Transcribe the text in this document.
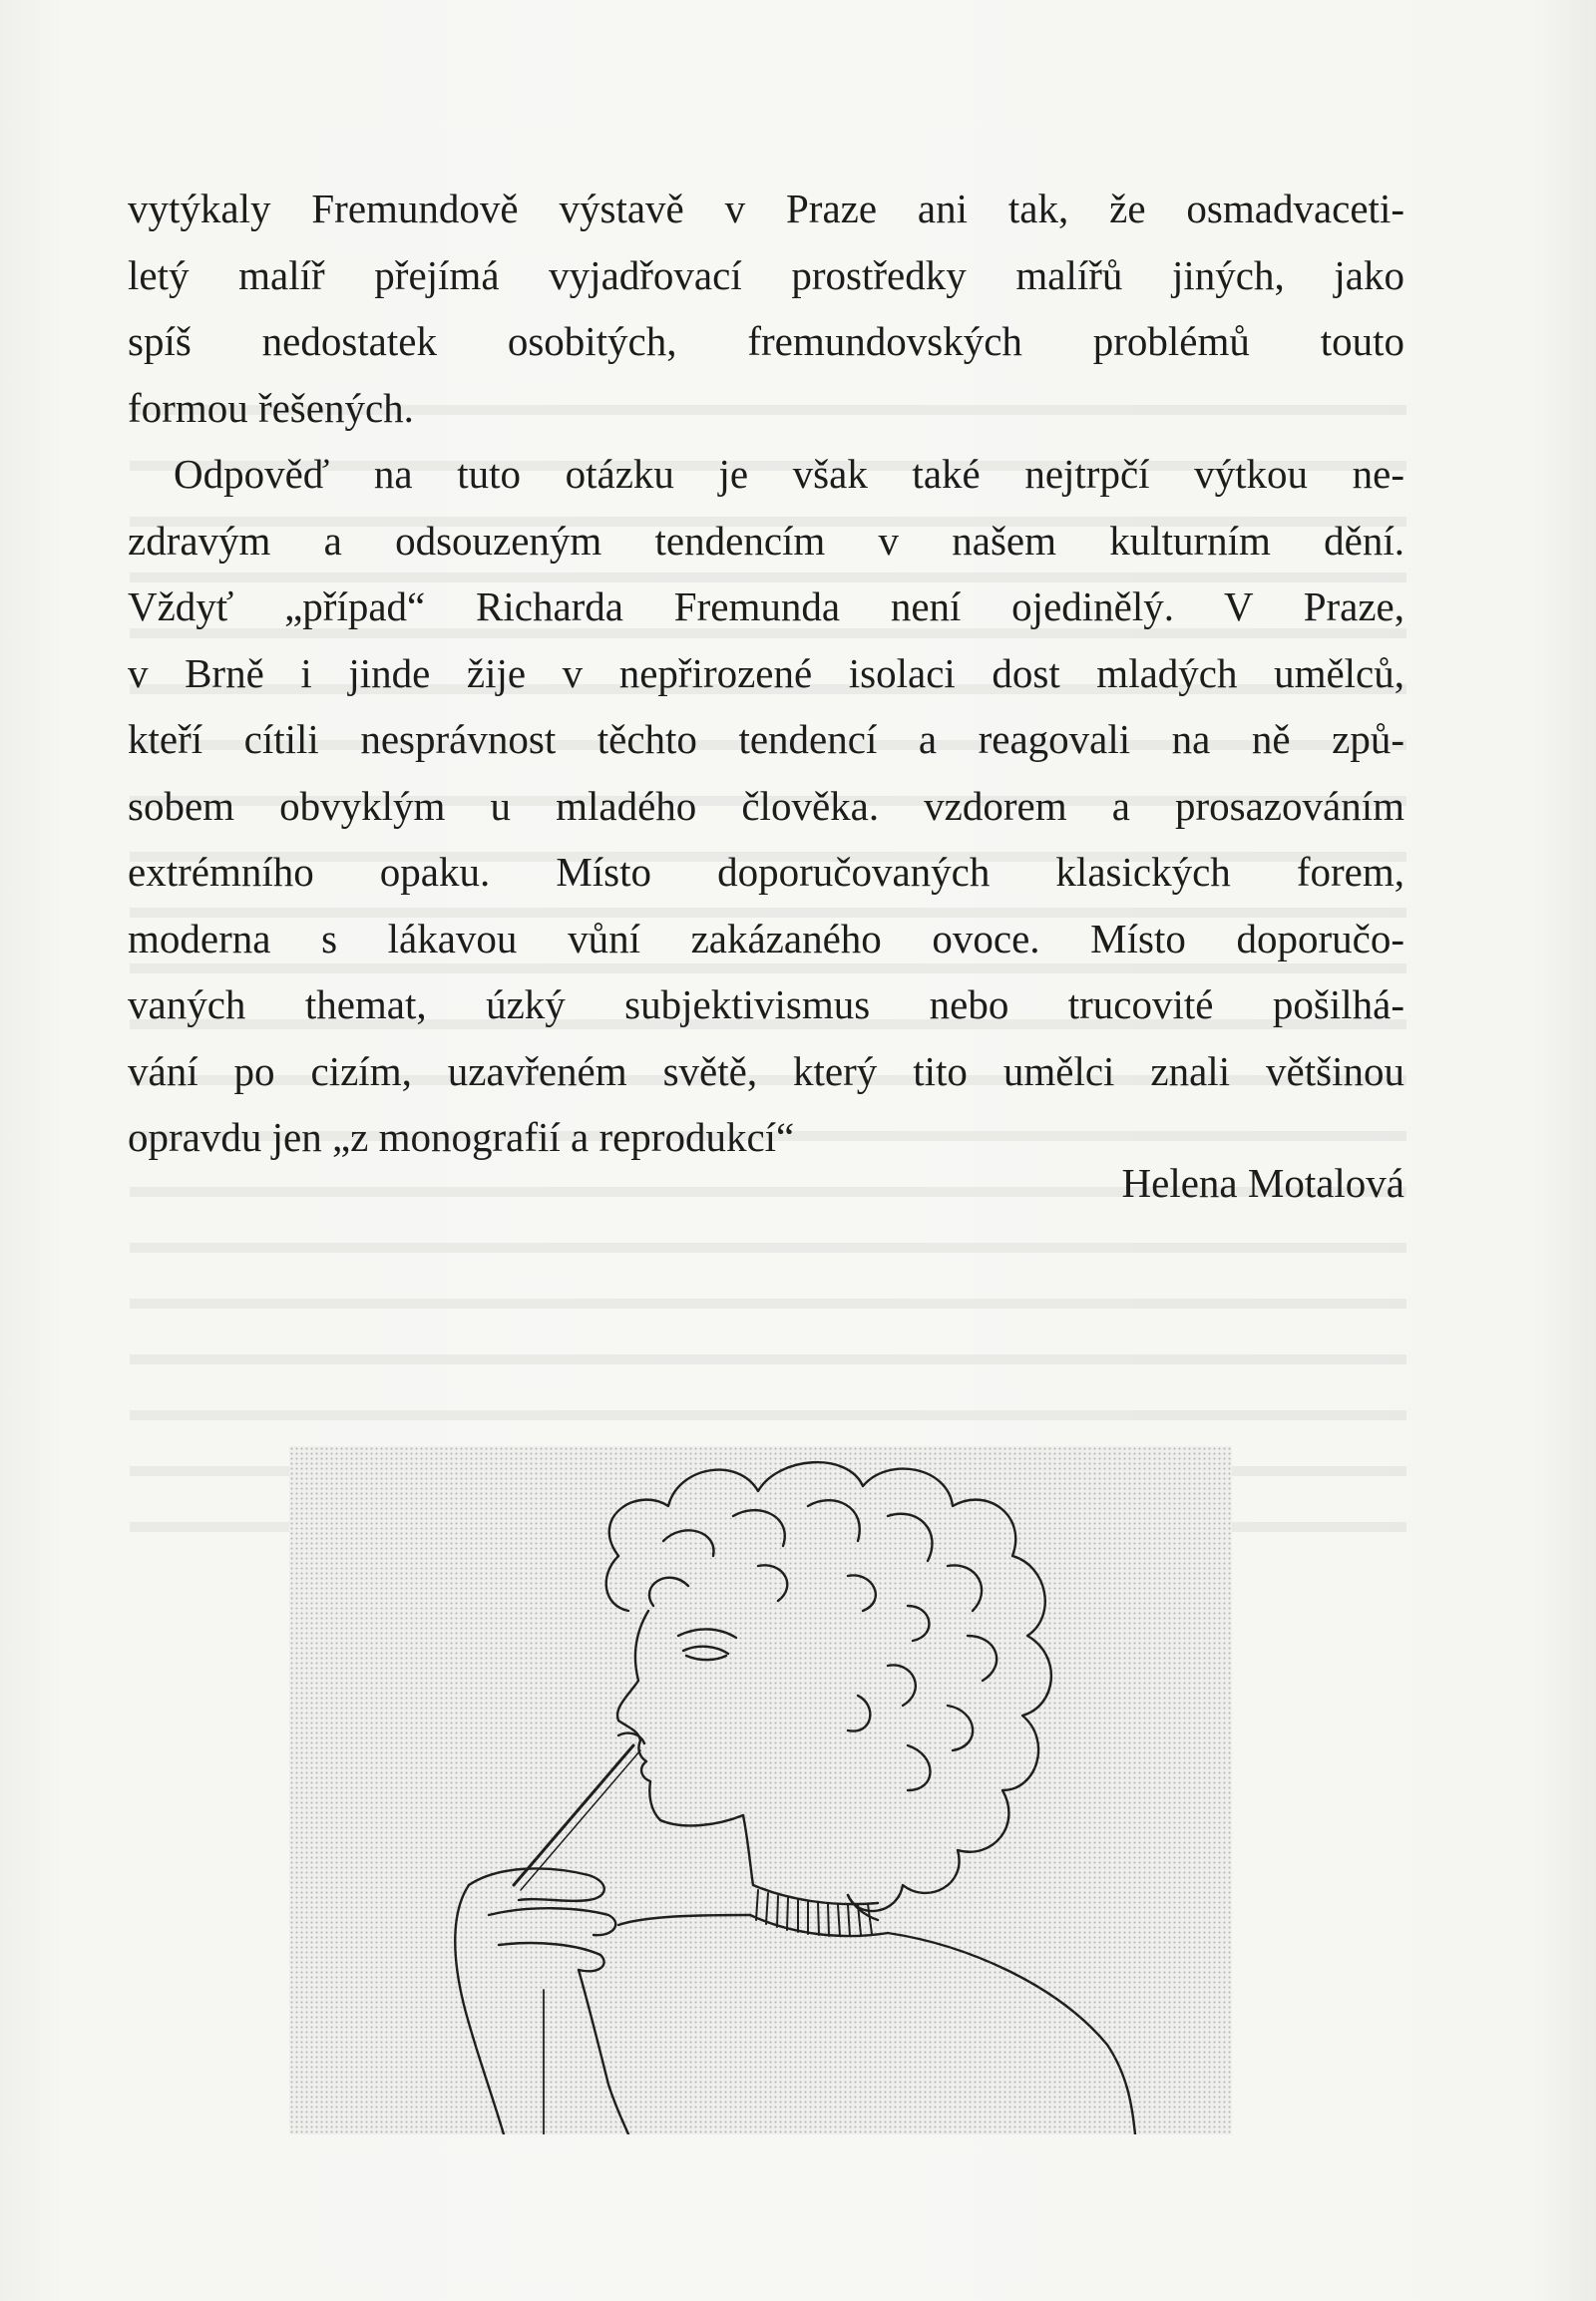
vytýkaly Fremundově výstavě v Praze ani tak, že osmadvaceti-
letý malíř přejímá vyjadřovací prostředky malířů jiných, jako
spíš nedostatek osobitých, fremundovských problémů touto
formou řešených.
Odpověď na tuto otázku je však také nejtrpčí výtkou ne-
zdravým a odsouzeným tendencím v našem kulturním dění.
Vždyť „případ“ Richarda Fremunda není ojedinělý. V Praze,
v Brně i jinde žije v nepřirozené isolaci dost mladých umělců,
kteří cítili nesprávnost těchto tendencí a reagovali na ně způ-
sobem obvyklým u mladého člověka. vzdorem a prosazováním
extrémního opaku. Místo doporučovaných klasických forem,
moderna s lákavou vůní zakázaného ovoce. Místo doporučo-
vaných themat, úzký subjektivismus nebo trucovité pošilhá-
vání po cizím, uzavřeném světě, který tito umělci znali většinou
opravdu jen „z monografií a reprodukcí“
Helena Motalová
